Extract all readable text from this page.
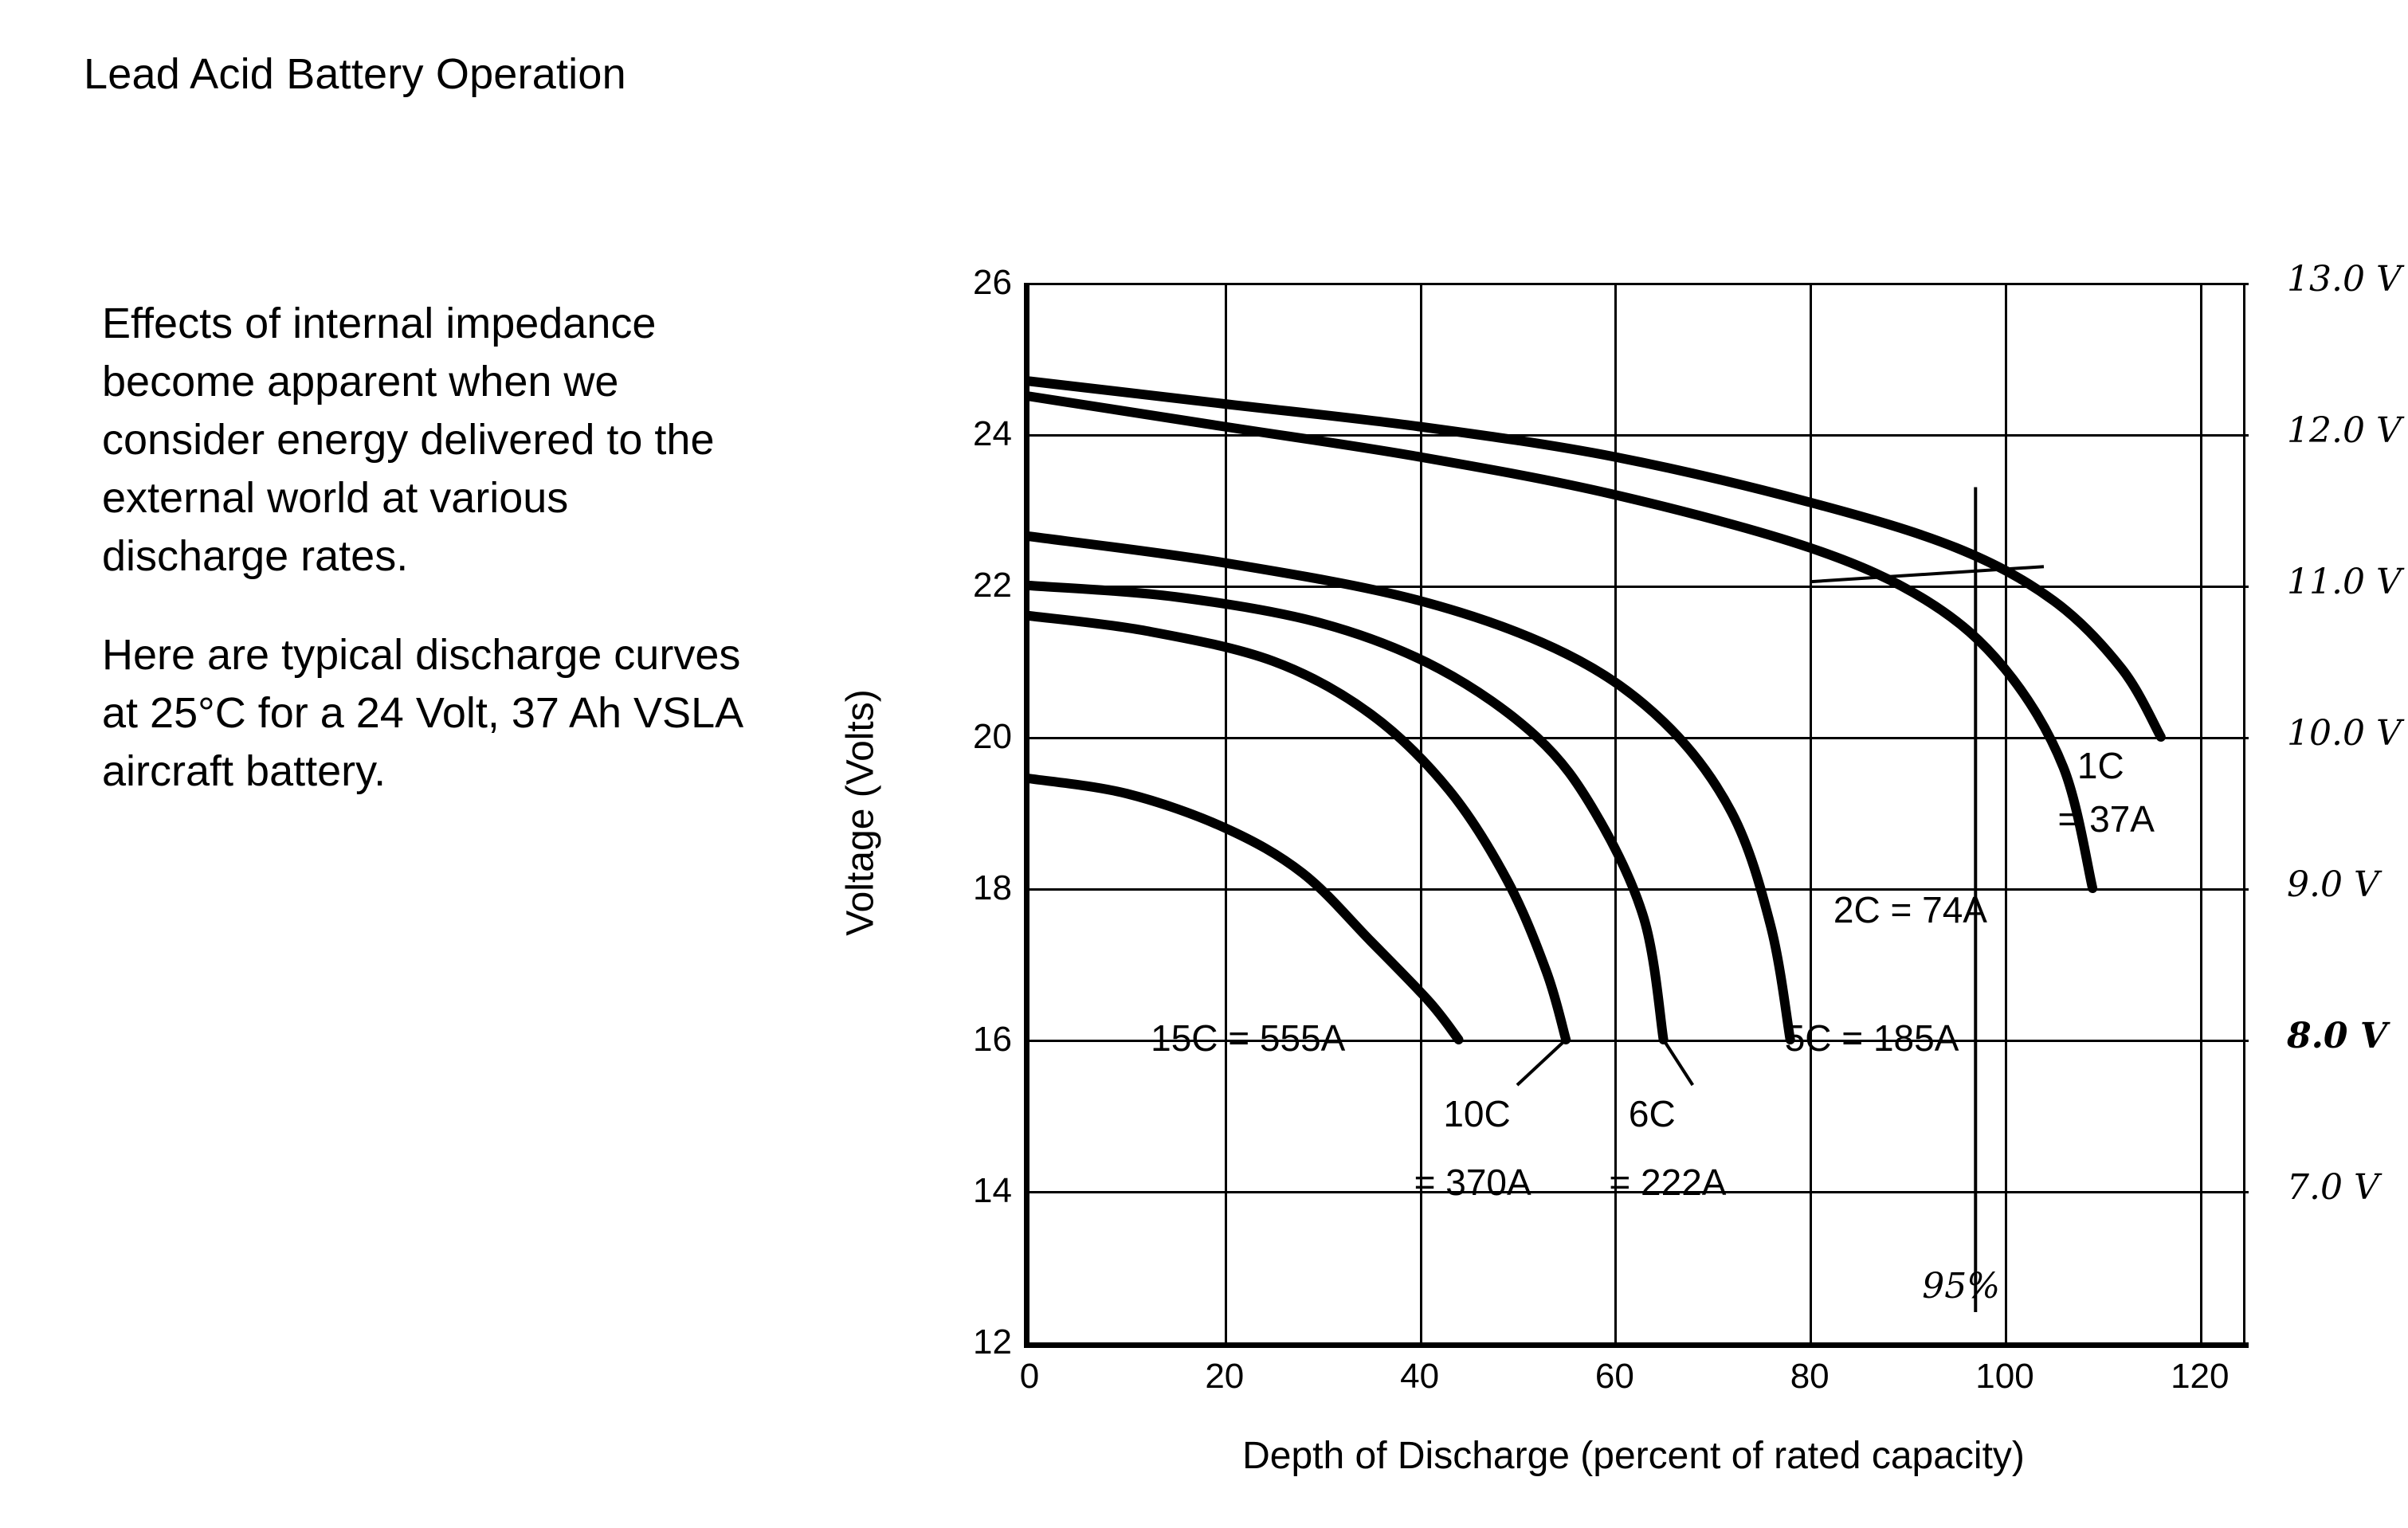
Lead Acid Battery Operation

Effects of internal impedance become apparent when we consider energy delivered to the external world at various discharge rates.

Here are typical discharge curves at 25°C for a 24 Volt, 37 Ah VSLA aircraft battery.	Voltage (Volts)
Depth of Discharge (percent of rated capacity)
0	20	40	60	80	100	120
12
14
16
18
20
22
24
26
1C
= 37A
2C = 74A
5C = 185A
6C
= 222A
10C
= 370A
15C = 555A
13.0 V
12.0 V
11.0 V
10.0 V
9.0 V
8.0 V
7.0 V
95%
